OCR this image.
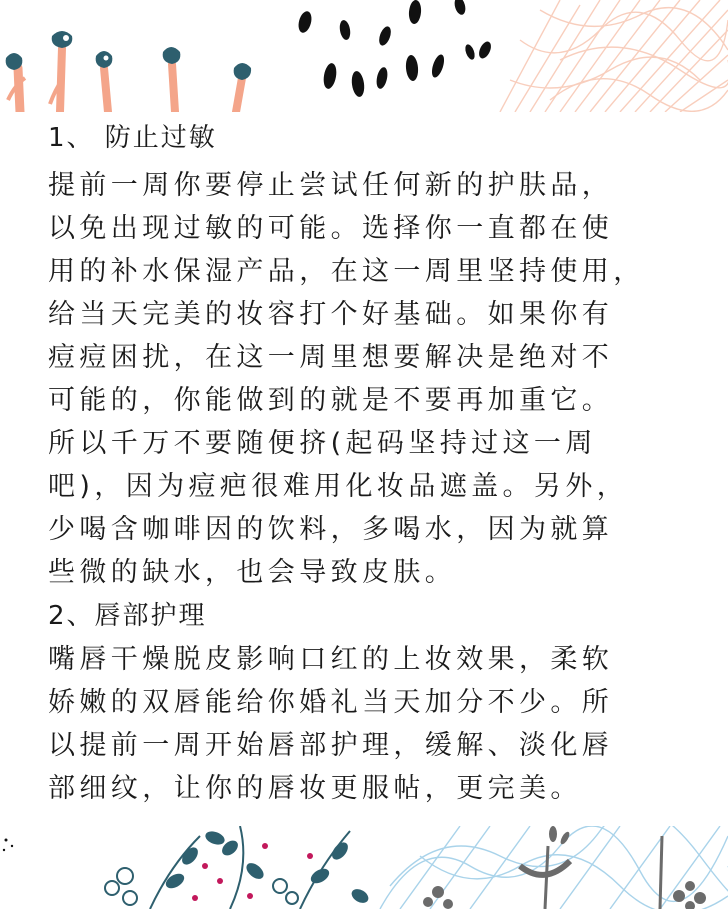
1、 防止过敏

提前一周你要停止尝试任何新的护肤品，
以免出现过敏的可能。选择你一直都在使
用的补水保湿产品，在这一周里坚持使用，
给当天完美的妆容打个好基础。如果你有
痘痘困扰，在这一周里想要解决是绝对不
可能的，你能做到的就是不要再加重它。
所以千万不要随便挤(起码坚持过这一周
吧)，因为痘疤很难用化妆品遮盖。另外，
少喝含咖啡因的饮料，多喝水，因为就算
些微的缺水，也会导致皮肤。

2、唇部护理

嘴唇干燥脱皮影响口红的上妆效果，柔软
娇嫩的双唇能给你婚礼当天加分不少。所
以提前一周开始唇部护理，缓解、淡化唇
部细纹，让你的唇妆更服帖，更完美。
